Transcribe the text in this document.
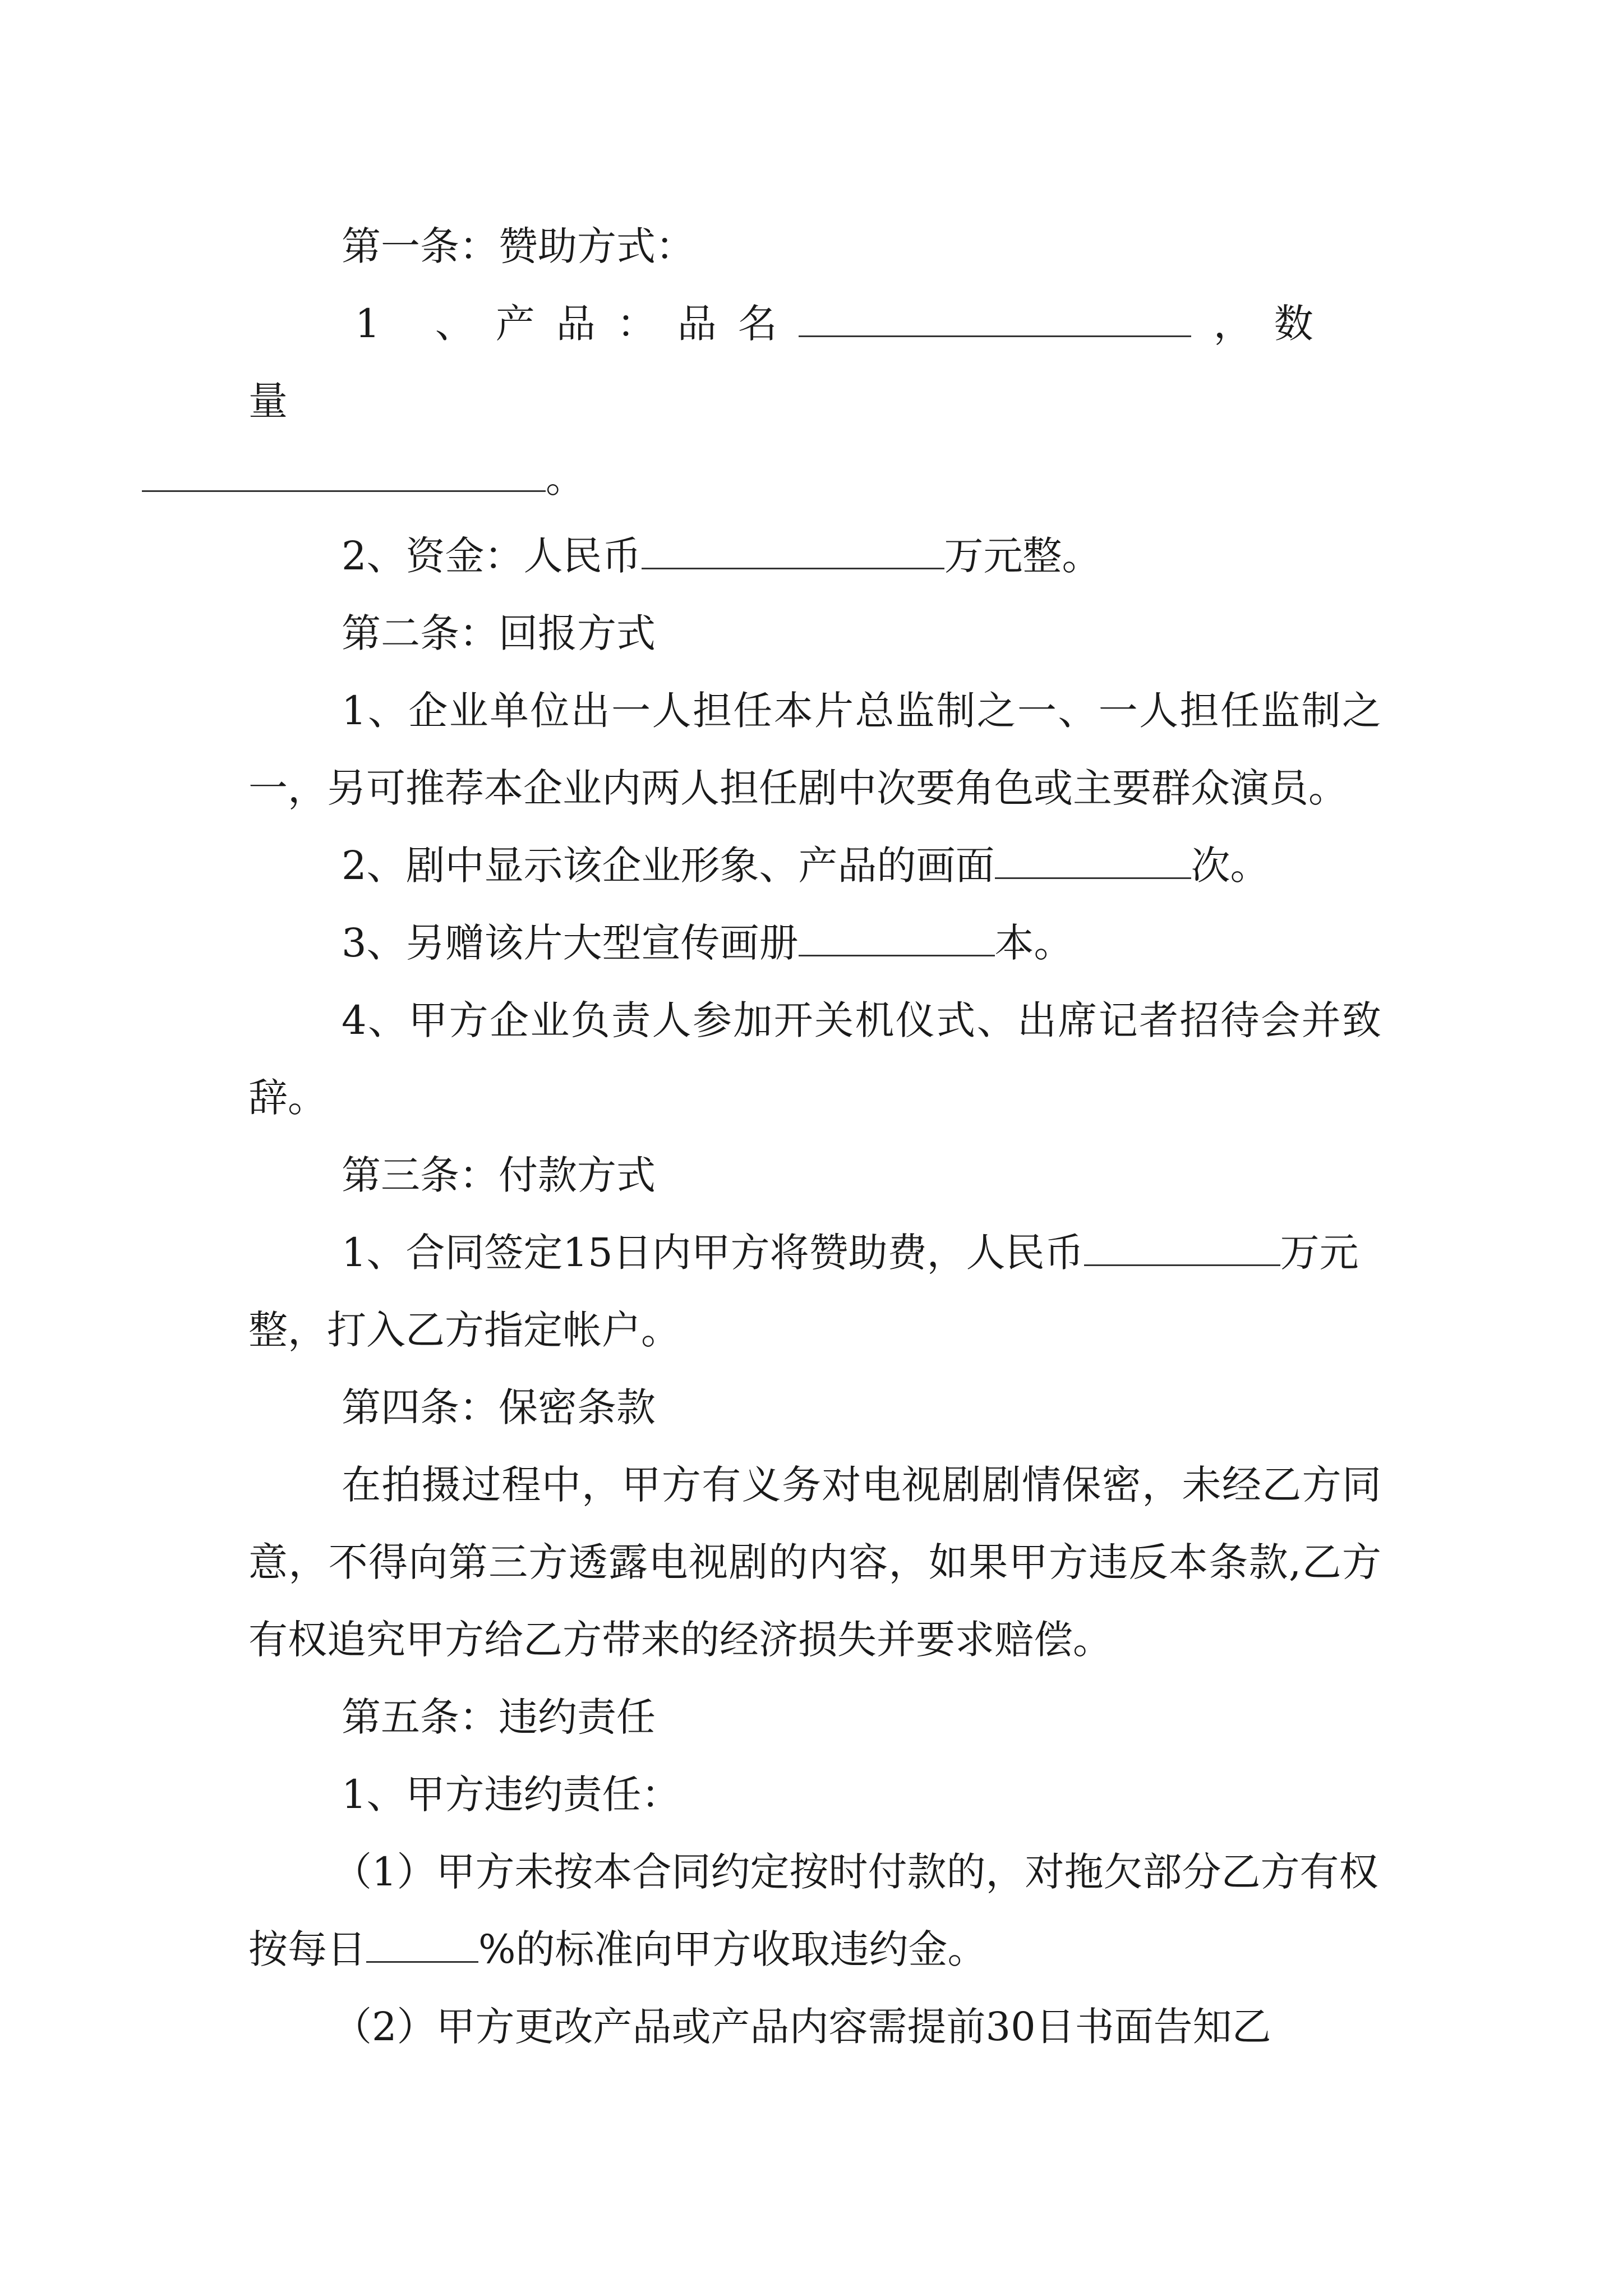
第一条：赞助方式：

1 、产品：品名	，数量
。

2、资金：人民币	万元整。

第二条：回报方式

1、企业单位出一人担任本片总监制之一、一人担任监制之一，另可推荐本企业内两人担任剧中次要角色或主要群众演员。

2、剧中显示该企业形象、产品的画面	次。

3、另赠该片大型宣传画册	本。

4、甲方企业负责人参加开关机仪式、出席记者招待会并致辞。

第三条：付款方式

1、合同签定15日内甲方将赞助费，人民币	万元整，打入乙方指定帐户。

第四条：保密条款

在拍摄过程中，甲方有义务对电视剧剧情保密，未经乙方同意，不得向第三方透露电视剧的内容，如果甲方违反本条款,乙方有权追究甲方给乙方带来的经济损失并要求赔偿。

第五条：违约责任

1、甲方违约责任：

（1）甲方未按本合同约定按时付款的，对拖欠部分乙方有权按每日	%的标准向甲方收取违约金。

（2）甲方更改产品或产品内容需提前30日书面告知乙
